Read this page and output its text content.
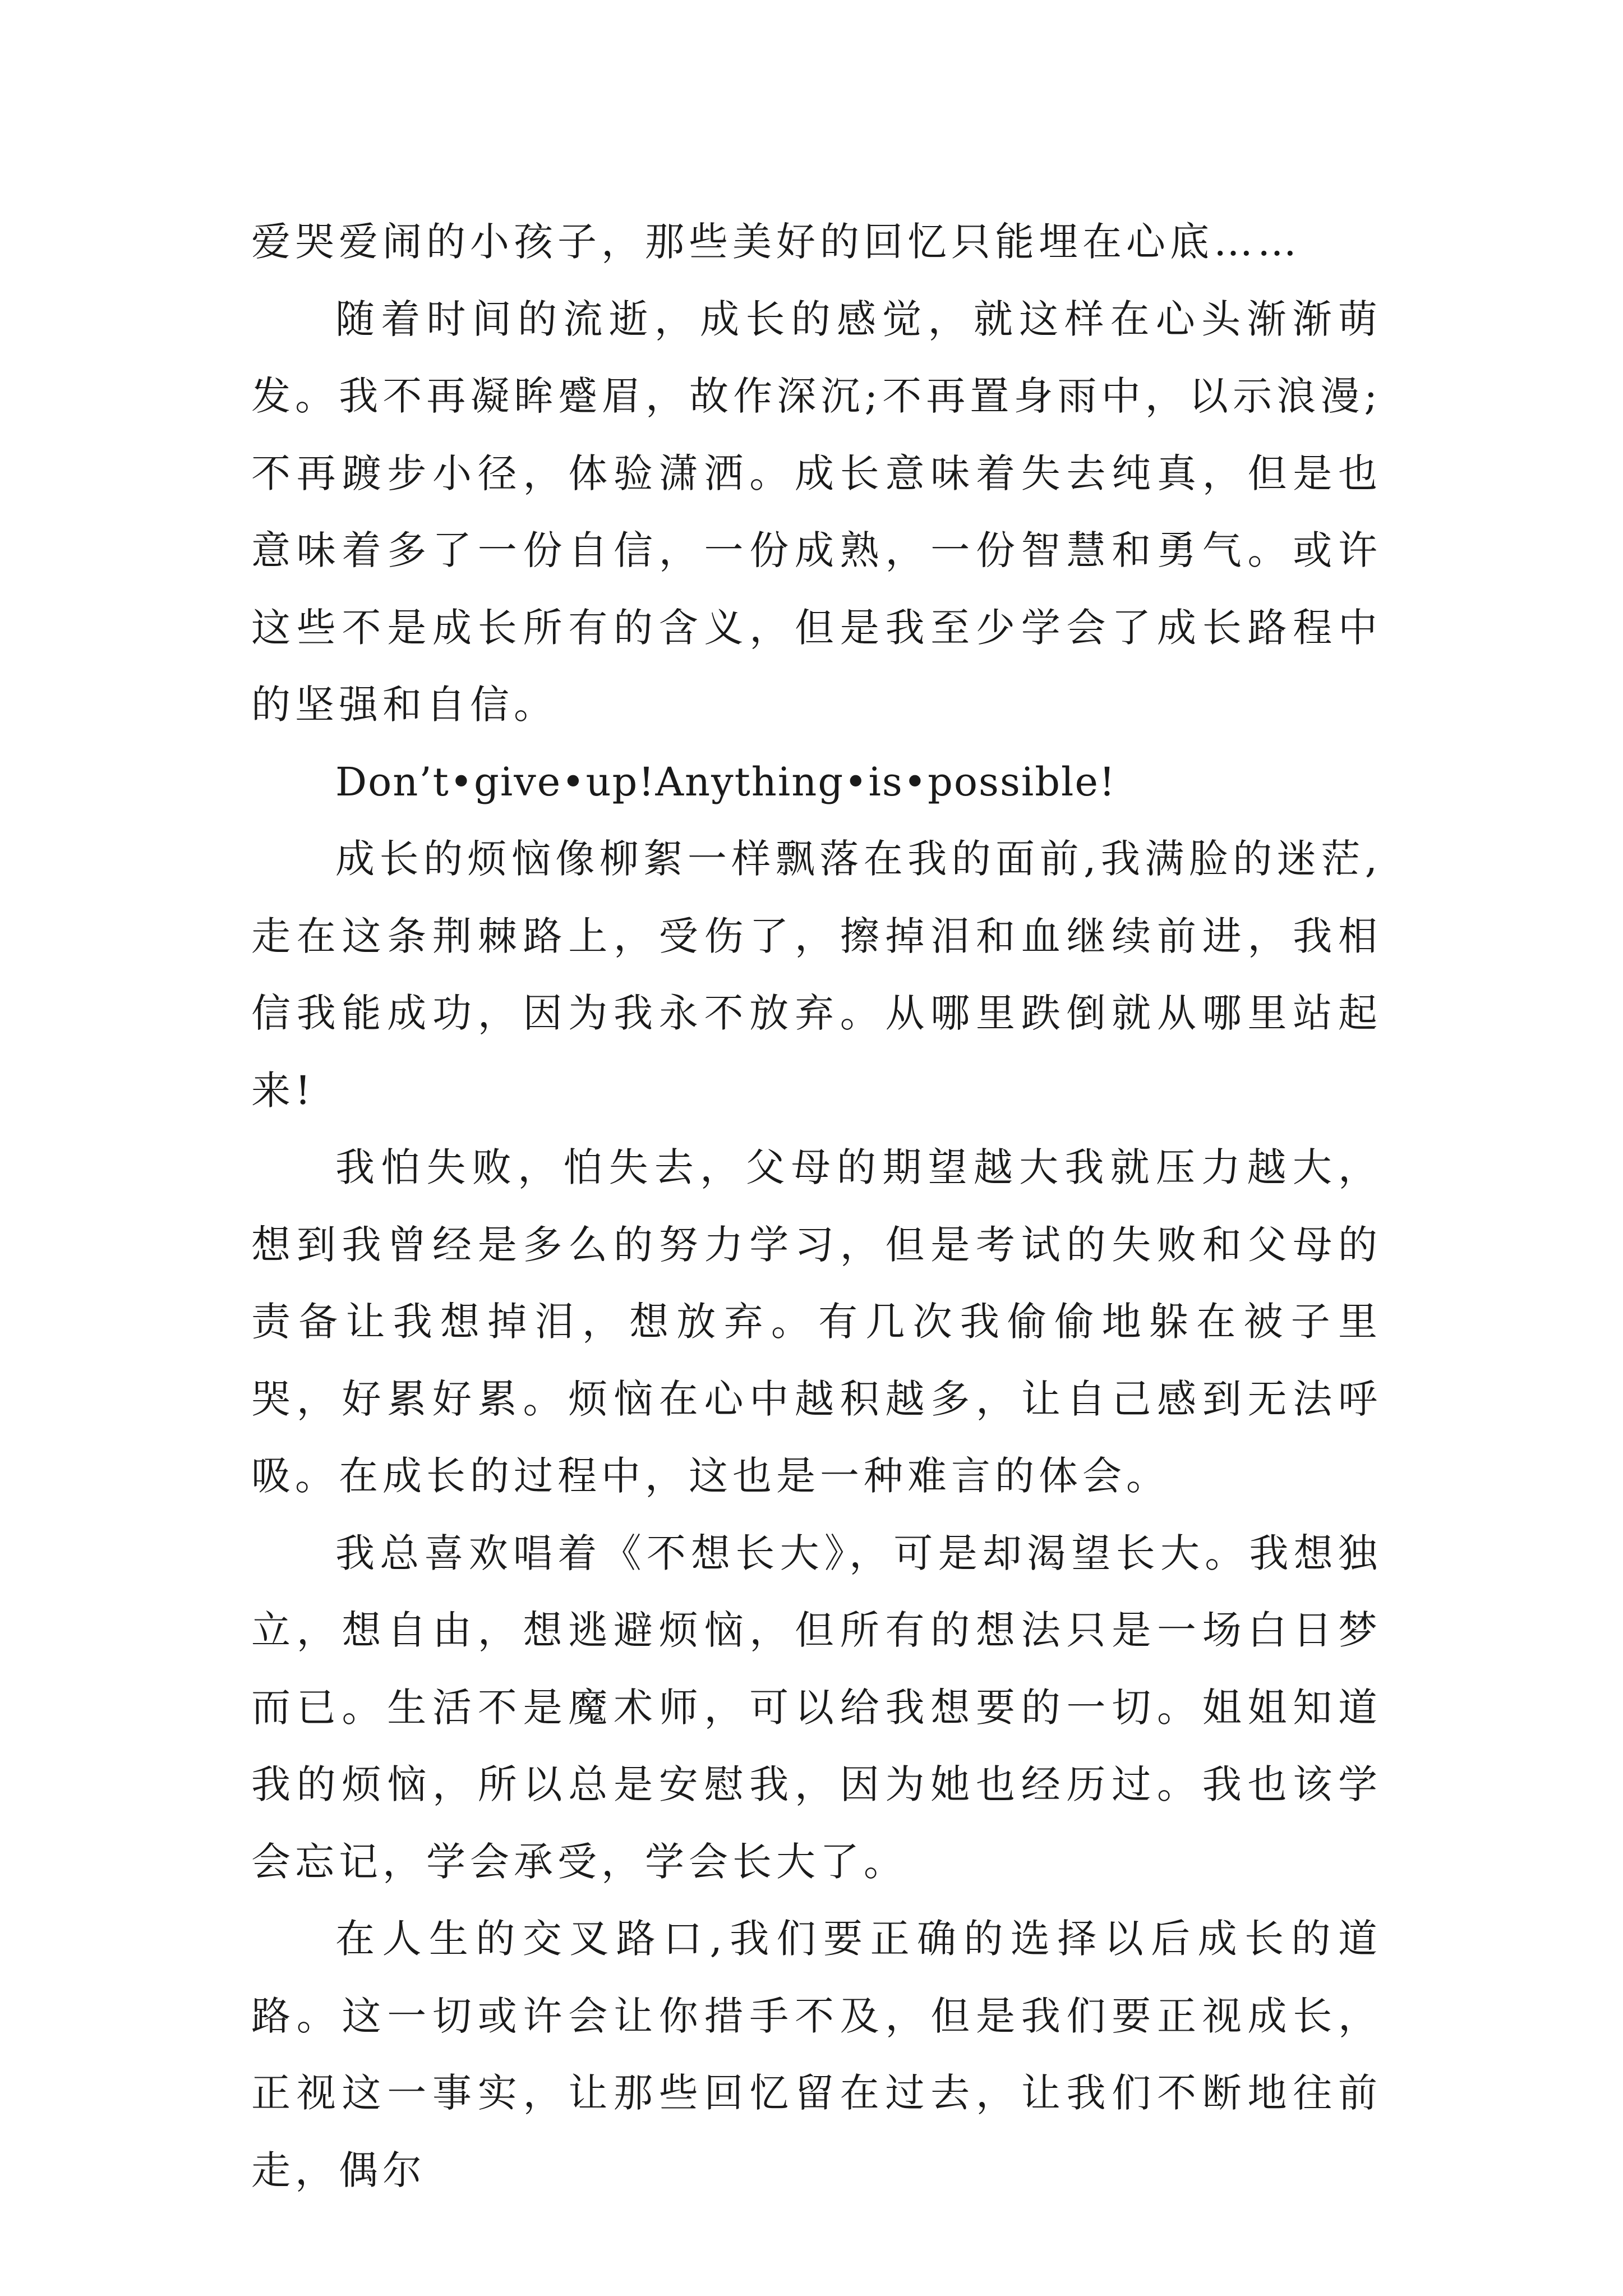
爱哭爱闹的小孩子，那些美好的回忆只能埋在心底……

随着时间的流逝，成长的感觉，就这样在心头渐渐萌发。我不再凝眸蹙眉，故作深沉;不再置身雨中，以示浪漫;不再踱步小径，体验潇洒。成长意味着失去纯真，但是也意味着多了一份自信，一份成熟，一份智慧和勇气。或许这些不是成长所有的含义，但是我至少学会了成长路程中的坚强和自信。

Don’t•give•up!Anything•is•possible!

成长的烦恼像柳絮一样飘落在我的面前,我满脸的迷茫,走在这条荆棘路上，受伤了，擦掉泪和血继续前进，我相信我能成功，因为我永不放弃。从哪里跌倒就从哪里站起来!

我怕失败，怕失去，父母的期望越大我就压力越大，想到我曾经是多么的努力学习，但是考试的失败和父母的责备让我想掉泪，想放弃。有几次我偷偷地躲在被子里哭，好累好累。烦恼在心中越积越多，让自己感到无法呼吸。在成长的过程中，这也是一种难言的体会。

我总喜欢唱着《不想长大》，可是却渴望长大。我想独立，想自由，想逃避烦恼，但所有的想法只是一场白日梦而已。生活不是魔术师，可以给我想要的一切。姐姐知道我的烦恼，所以总是安慰我，因为她也经历过。我也该学会忘记，学会承受，学会长大了。

在人生的交叉路口,我们要正确的选择以后成长的道路。这一切或许会让你措手不及，但是我们要正视成长，正视这一事实，让那些回忆留在过去，让我们不断地往前走，偶尔
